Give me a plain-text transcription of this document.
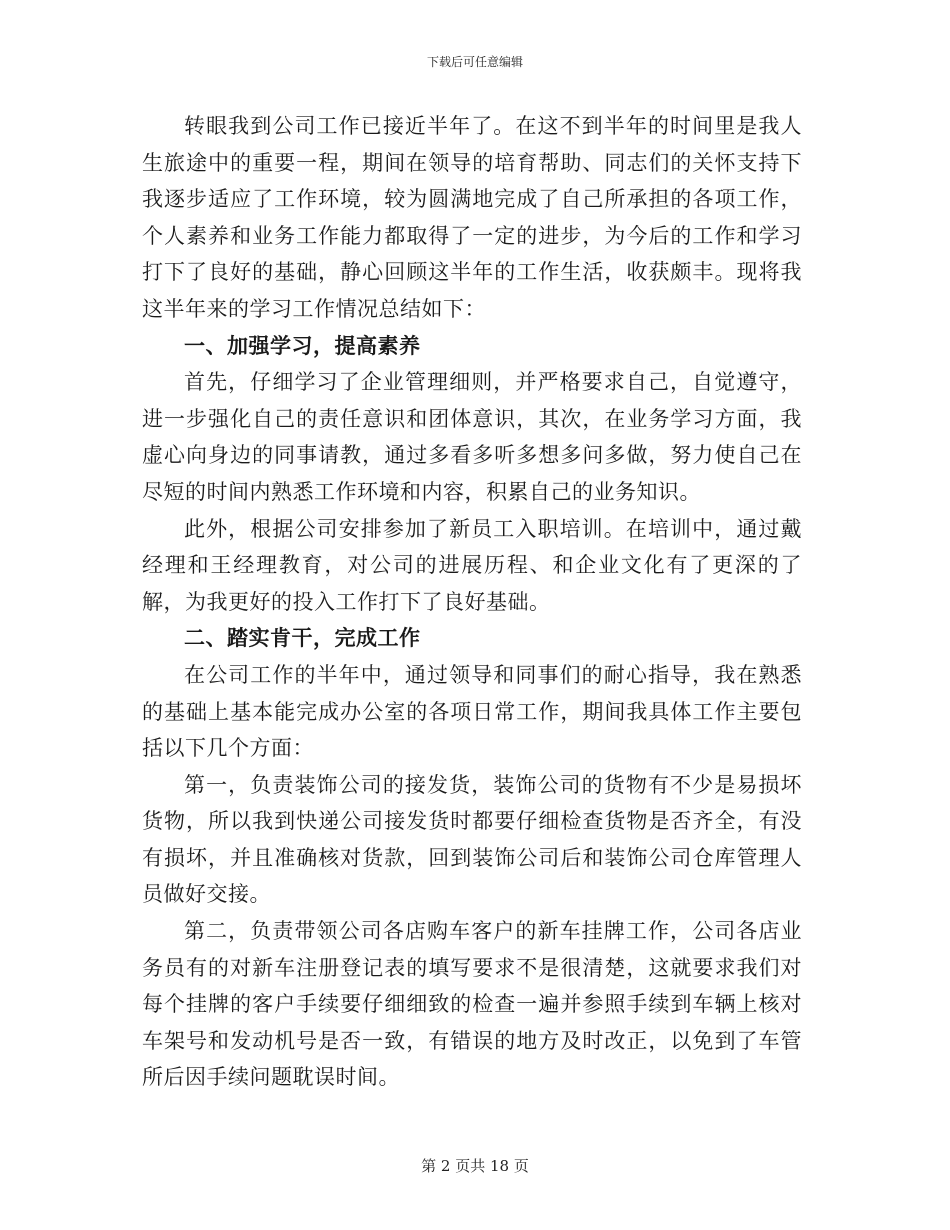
下载后可任意编辑

转眼我到公司工作已接近半年了。在这不到半年的时间里是我人生旅途中的重要一程，期间在领导的培育帮助、同志们的关怀支持下我逐步适应了工作环境，较为圆满地完成了自己所承担的各项工作，个人素养和业务工作能力都取得了一定的进步，为今后的工作和学习打下了良好的基础，静心回顾这半年的工作生活，收获颇丰。现将我这半年来的学习工作情况总结如下：

一、加强学习，提高素养

首先，仔细学习了企业管理细则，并严格要求自己，自觉遵守，进一步强化自己的责任意识和团体意识，其次，在业务学习方面，我虚心向身边的同事请教，通过多看多听多想多问多做，努力使自己在尽短的时间内熟悉工作环境和内容，积累自己的业务知识。

此外，根据公司安排参加了新员工入职培训。在培训中，通过戴经理和王经理教育，对公司的进展历程、和企业文化有了更深的了解，为我更好的投入工作打下了良好基础。

二、踏实肯干，完成工作

在公司工作的半年中，通过领导和同事们的耐心指导，我在熟悉的基础上基本能完成办公室的各项日常工作，期间我具体工作主要包括以下几个方面：

第一，负责装饰公司的接发货，装饰公司的货物有不少是易损坏货物，所以我到快递公司接发货时都要仔细检查货物是否齐全，有没有损坏，并且准确核对货款，回到装饰公司后和装饰公司仓库管理人员做好交接。

第二，负责带领公司各店购车客户的新车挂牌工作，公司各店业务员有的对新车注册登记表的填写要求不是很清楚，这就要求我们对每个挂牌的客户手续要仔细细致的检查一遍并参照手续到车辆上核对车架号和发动机号是否一致，有错误的地方及时改正，以免到了车管所后因手续问题耽误时间。

第 2 页共 18 页
